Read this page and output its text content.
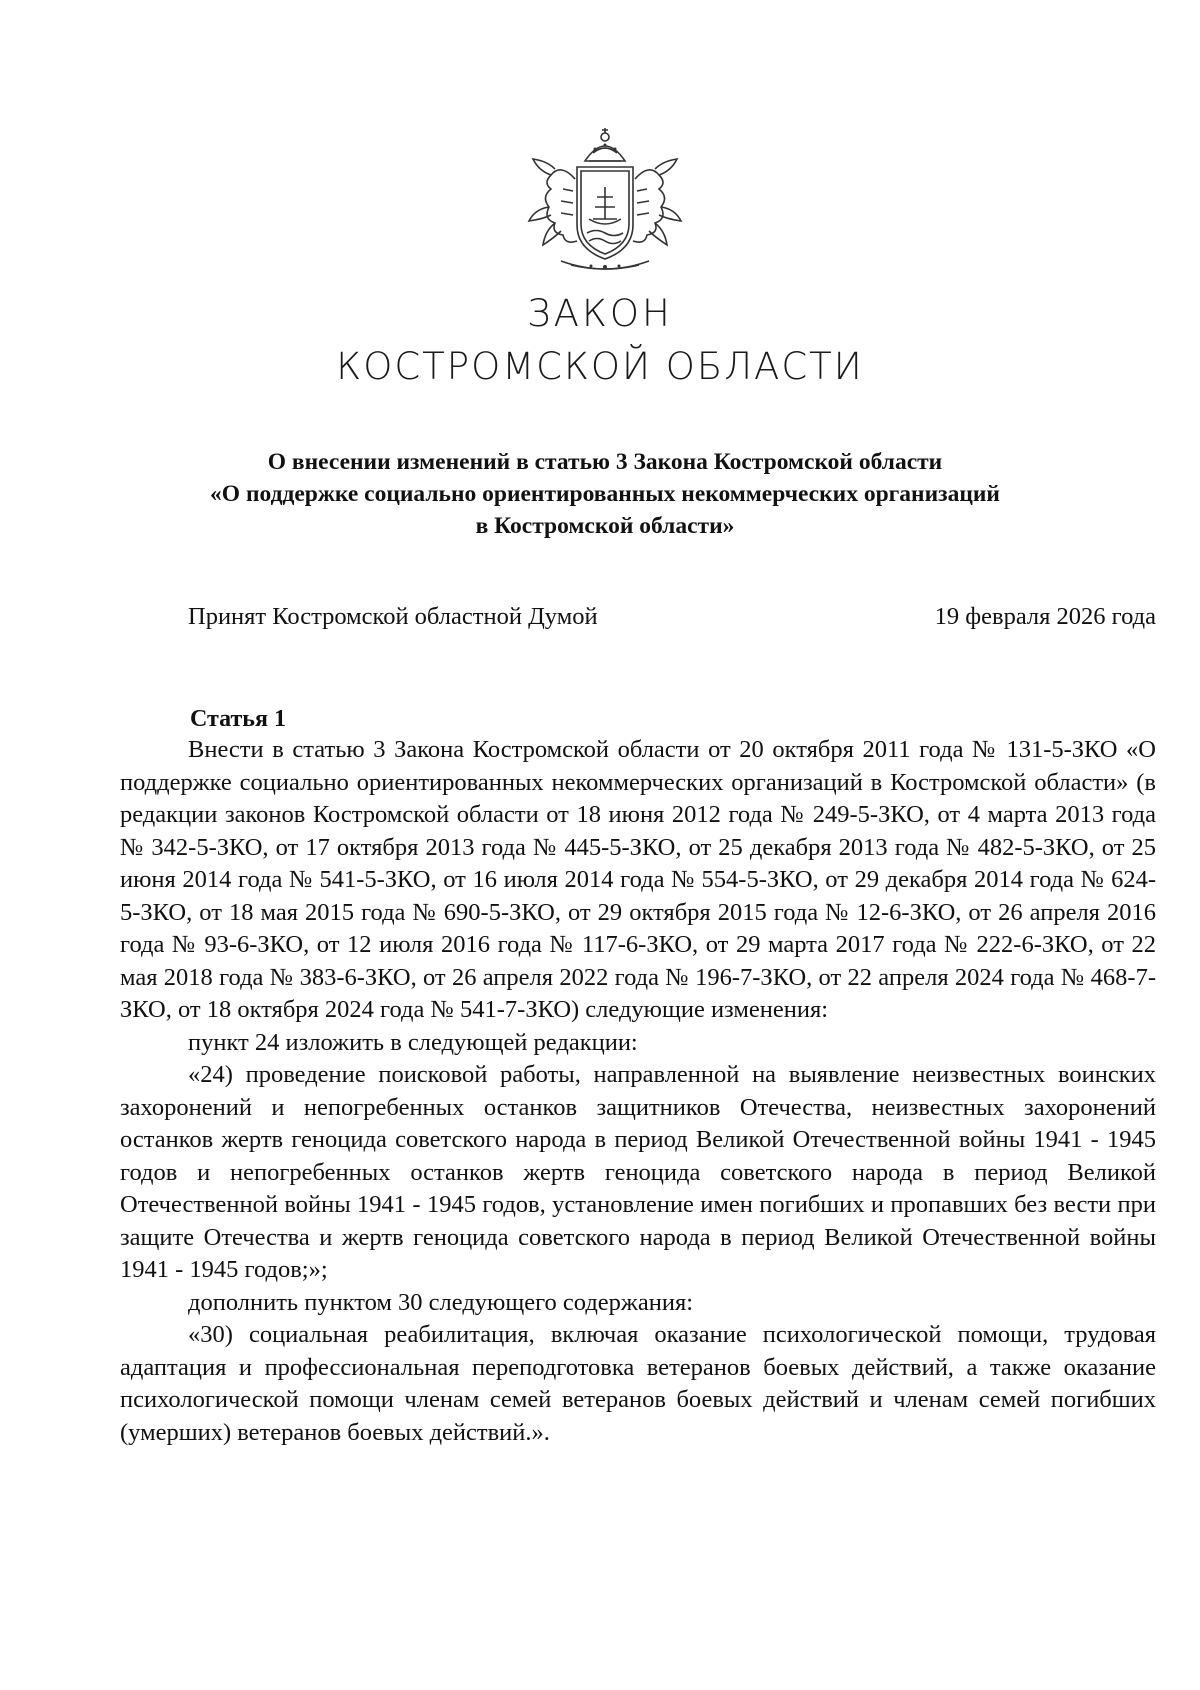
ЗАКОН
КОСТРОМСКОЙ ОБЛАСТИ
О внесении изменений в статью 3 Закона Костромской области
«О поддержке социально ориентированных некоммерческих организаций
в Костромской области»
Принят Костромской областной Думой	19 февраля 2026 года
Статья 1

Внести в статью 3 Закона Костромской области от 20 октября 2011 года № 131-5-ЗКО «О поддержке социально ориентированных некоммерческих организаций в Костромской области» (в редакции законов Костромской области от 18 июня 2012 года № 249-5-ЗКО, от 4 марта 2013 года № 342-5-ЗКО, от 17 октября 2013 года № 445-5-ЗКО, от 25 декабря 2013 года № 482-5-ЗКО, от 25 июня 2014 года № 541-5-ЗКО, от 16 июля 2014 года № 554-5-ЗКО, от 29 декабря 2014 года № 624-5-ЗКО, от 18 мая 2015 года № 690-5-ЗКО, от 29 октября 2015 года № 12-6-ЗКО, от 26 апреля 2016 года № 93-6-ЗКО, от 12 июля 2016 года № 117-6-ЗКО, от 29 марта 2017 года № 222-6-ЗКО, от 22 мая 2018 года № 383-6-ЗКО, от 26 апреля 2022 года № 196-7-ЗКО, от 22 апреля 2024 года № 468-7-ЗКО, от 18 октября 2024 года № 541-7-ЗКО) следующие изменения:

пункт 24 изложить в следующей редакции:

«24) проведение поисковой работы, направленной на выявление неизвестных воинских захоронений и непогребенных останков защитников Отечества, неизвестных захоронений останков жертв геноцида советского народа в период Великой Отечественной войны 1941 - 1945 годов и непогребенных останков жертв геноцида советского народа в период Великой Отечественной войны 1941 - 1945 годов, установление имен погибших и пропавших без вести при защите Отечества и жертв геноцида советского народа в период Великой Отечественной войны 1941 - 1945 годов;»;

дополнить пунктом 30 следующего содержания:

«30) социальная реабилитация, включая оказание психологической помощи, трудовая адаптация и профессиональная переподготовка ветеранов боевых действий, а также оказание психологической помощи членам семей ветеранов боевых действий и членам семей погибших (умерших) ветеранов боевых действий.».
